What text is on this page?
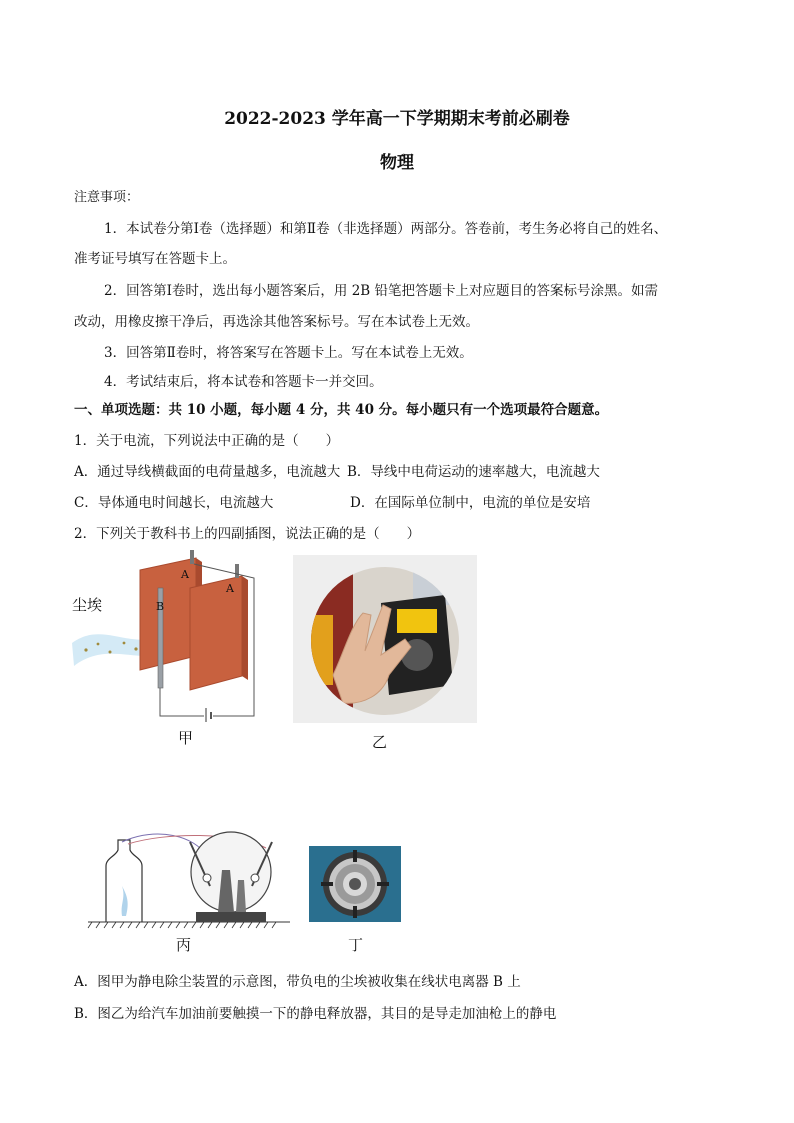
2022-2023 学年高一下学期期末考前必刷卷
物理
注意事项：
1．本试卷分第Ⅰ卷（选择题）和第Ⅱ卷（非选择题）两部分。答卷前，考生务必将自己的姓名、
准考证号填写在答题卡上。
2．回答第Ⅰ卷时，选出每小题答案后，用 2B 铅笔把答题卡上对应题目的答案标号涂黑。如需
改动，用橡皮擦干净后，再选涂其他答案标号。写在本试卷上无效。
3．回答第Ⅱ卷时，将答案写在答题卡上。写在本试卷上无效。
4．考试结束后，将本试卷和答题卡一并交回。
一、单项选题：共 10 小题，每小题 4 分，共 40 分。每小题只有一个选项最符合题意。
1．关于电流，下列说法中正确的是（　　）
A．通过导线横截面的电荷量越多，电流越大 B．导线中电荷运动的速率越大，电流越大
C．导体通电时间越长，电流越大	D．在国际单位制中，电流的单位是安培
2．下列关于教科书上的四副插图，说法正确的是（　　）
尘埃
A
A
B
甲	乙
丙	丁
A．图甲为静电除尘装置的示意图，带负电的尘埃被收集在线状电离器 B 上
B．图乙为给汽车加油前要触摸一下的静电释放器，其目的是导走加油枪上的静电
